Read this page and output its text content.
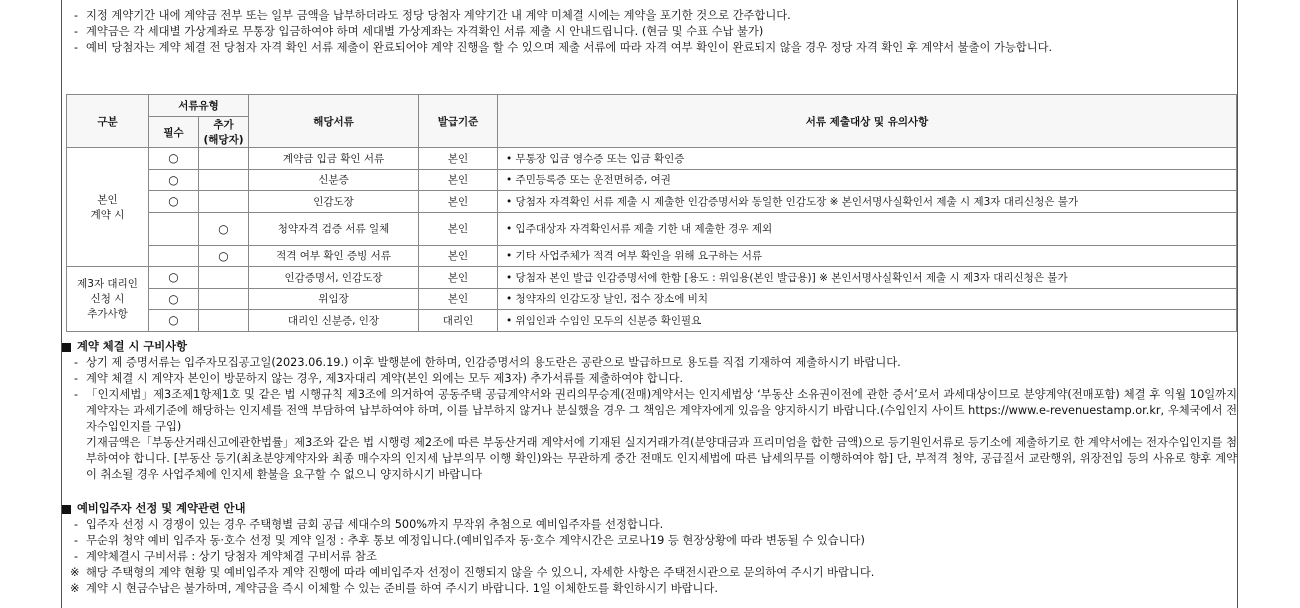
- 지정 계약기간 내에 계약금 전부 또는 일부 금액을 납부하더라도 정당 당첨자 계약기간 내 계약 미체결 시에는 계약을 포기한 것으로 간주합니다.
- 계약금은 각 세대별 가상계좌로 무통장 입금하여야 하며 세대별 가상계좌는 자격확인 서류 제출 시 안내드립니다. (현금 및 수표 수납 불가)
- 예비 당첨자는 계약 체결 전 당첨자 자격 확인 서류 제출이 완료되어야 계약 진행을 할 수 있으며 제출 서류에 따라 자격 여부 확인이 완료되지 않을 경우 정당 자격 확인 후 계약서 불출이 가능합니다.
구분	서류유형		해당서류	발급기준	서류 제출대상 및 유의사항
	필수	추가
(해당자)			
본인
계약 시	○		계약금 입금 확인 서류	본인	• 무통장 입금 영수증 또는 입금 확인증
	○		신분증	본인	• 주민등록증 또는 운전면허증, 여권
	○		인감도장	본인	• 당첨자 자격확인 서류 제출 시 제출한 인감증명서와 동일한 인감도장 ※ 본인서명사실확인서 제출 시 제3자 대리신청은 불가
		○	청약자격 검증 서류 일체	본인	• 입주대상자 자격확인서류 제출 기한 내 제출한 경우 제외
		○	적격 여부 확인 증빙 서류	본인	• 기타 사업주체가 적격 여부 확인을 위해 요구하는 서류
제3자 대리인
신청 시
추가사항	○		인감증명서, 인감도장	본인	• 당첨자 본인 발급 인감증명서에 한함 [용도 : 위임용(본인 발급용)] ※ 본인서명사실확인서 제출 시 제3자 대리신청은 불가
	○		위임장	본인	• 청약자의 인감도장 날인, 접수 장소에 비치
	○		대리인 신분증, 인장	대리인	• 위임인과 수임인 모두의 신분증 확인필요
계약 체결 시 구비사항
- 상기 제 증명서류는 입주자모집공고일(2023.06.19.) 이후 발행분에 한하며, 인감증명서의 용도란은 공란으로 발급하므로 용도를 직접 기재하여 제출하시기 바랍니다.
- 계약 체결 시 계약자 본인이 방문하지 않는 경우, 제3자대리 계약(본인 외에는 모두 제3자) 추가서류를 제출하여야 합니다.
- 「인지세법」제3조제1항제1호 및 같은 법 시행규칙 제3조에 의거하여 공동주택 공급계약서와 권리의무승계(전매)계약서는 인지세법상 ‘부동산 소유권이전에 관한 증서’로서 과세대상이므로 분양계약(전매포함) 체결 후 익월 10일까지 계약자는 과세기준에 해당하는 인지세를 전액 부담하여 납부하여야 하며, 이를 납부하지 않거나 분실했을 경우 그 책임은 계약자에게 있음을 양지하시기 바랍니다.(수입인지 사이트 https://www.e-revenuestamp.or.kr, 우체국에서 전자수입인지를 구입)
기재금액은「부동산거래신고에관한법률」제3조와 같은 법 시행령 제2조에 따른 부동산거래 계약서에 기재된 실지거래가격(분양대금과 프리미엄을 합한 금액)으로 등기원인서류로 등기소에 제출하기로 한 계약서에는 전자수입인지를 첨부하여야 합니다. [부동산 등기(최초분양계약자와 최종 매수자의 인지세 납부의무 이행 확인)와는 무관하게 중간 전매도 인지세법에 따른 납세의무를 이행하여야 함] 단, 부적격 청약, 공급질서 교란행위, 위장전입 등의 사유로 향후 계약이 취소될 경우 사업주체에 인지세 환불을 요구할 수 없으니 양지하시기 바랍니다
예비입주자 선정 및 계약관련 안내
- 입주자 선정 시 경쟁이 있는 경우 주택형별 금회 공급 세대수의 500%까지 무작위 추첨으로 예비입주자를 선정합니다.
- 무순위 청약 예비 입주자 동·호수 선정 및 계약 일정 : 추후 통보 예정입니다.(예비입주자 동·호수 계약시간은 코로나19 등 현장상황에 따라 변동될 수 있습니다)
- 계약체결시 구비서류 : 상기 당첨자 계약체결 구비서류 참조
※ 해당 주택형의 계약 현황 및 예비입주자 계약 진행에 따라 예비입주자 선정이 진행되지 않을 수 있으니, 자세한 사항은 주택전시관으로 문의하여 주시기 바랍니다.
※ 계약 시 현금수납은 불가하며, 계약금을 즉시 이체할 수 있는 준비를 하여 주시기 바랍니다. 1일 이체한도를 확인하시기 바랍니다.
